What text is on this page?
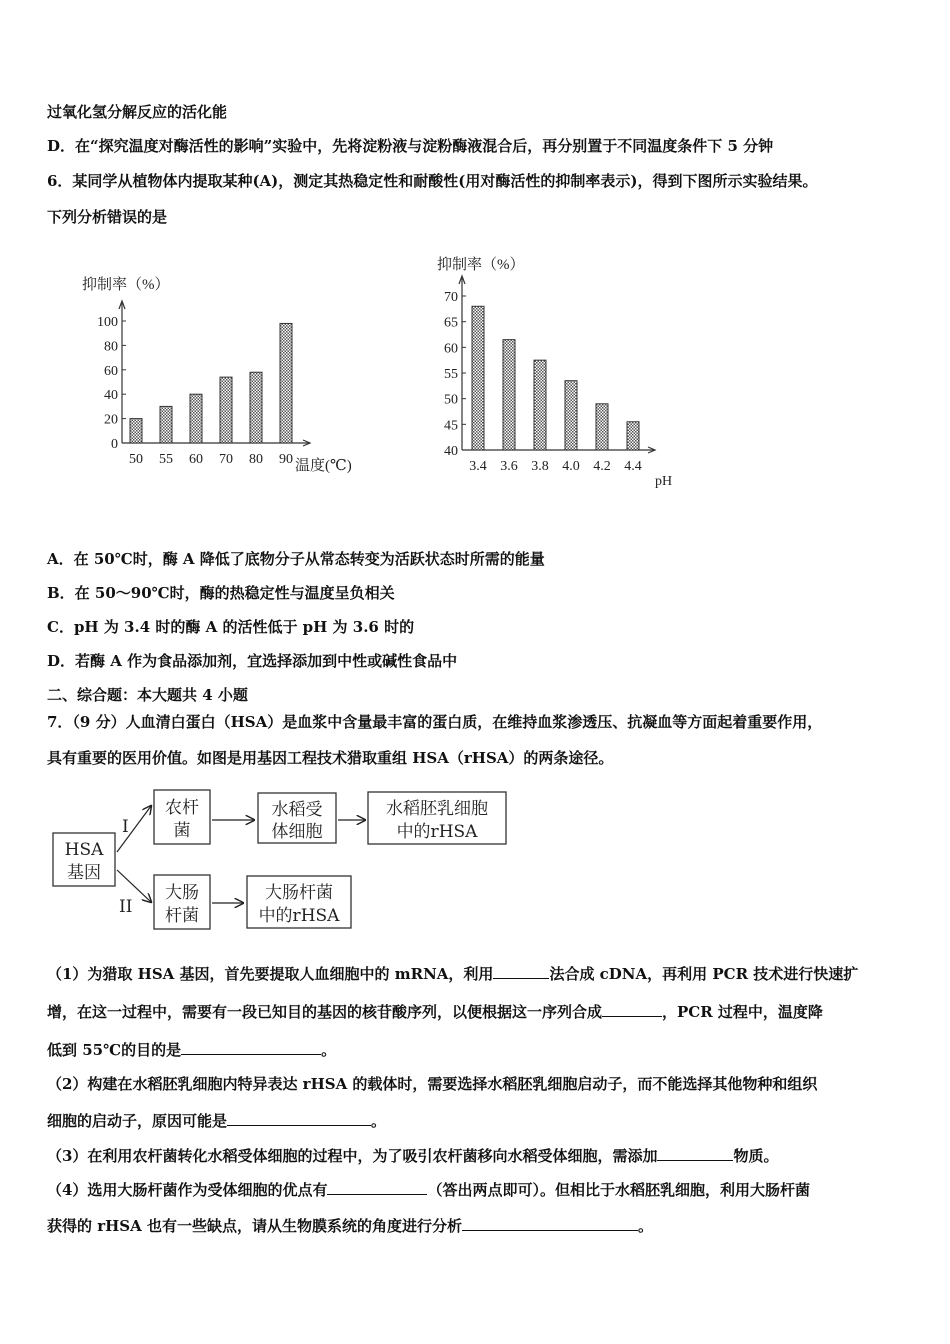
过氧化氢分解反应的活化能
D．在“探究温度对酶活性的影响”实验中，先将淀粉液与淀粉酶液混合后，再分别置于不同温度条件下 5 分钟
6．某同学从植物体内提取某种(A)，测定其热稳定性和耐酸性(用对酶活性的抑制率表示)，得到下图所示实验结果。
下列分析错误的是
抑制率（%）
0
20
40
60
80
100
50 55 60 70 80 90 温度(℃)
抑制率（%）
40
45
50
55
60
65
70
3.4 3.6 3.8 4.0 4.2 4.4
pH
A．在 50℃时，酶 A 降低了底物分子从常态转变为活跃状态时所需的能量
B．在 50～90℃时，酶的热稳定性与温度呈负相关
C．pH 为 3.4 时的酶 A 的活性低于 pH 为 3.6 时的
D．若酶 A 作为食品添加剂，宜选择添加到中性或碱性食品中
二、综合题：本大题共 4 小题
7．（9 分）人血清白蛋白（HSA）是血浆中含量最丰富的蛋白质，在维持血浆渗透压、抗凝血等方面起着重要作用，
具有重要的医用价值。如图是用基因工程技术猎取重组 HSA（rHSA）的两条途径。
HSA
基因
I
II
农杆
菌
水稻受
体细胞
水稻胚乳细胞
中的rHSA
大肠
杆菌
大肠杆菌
中的rHSA
（1）为猎取 HSA 基因，首先要提取人血细胞中的 mRNA，利用	法合成 cDNA，再利用 PCR 技术进行快速扩
增，在这一过程中，需要有一段已知目的基因的核苷酸序列，以便根据这一序列合成	，PCR 过程中，温度降
低到 55℃的目的是	。
（2）构建在水稻胚乳细胞内特异表达 rHSA 的载体时，需要选择水稻胚乳细胞启动子，而不能选择其他物种和组织
细胞的启动子，原因可能是	。
（3）在利用农杆菌转化水稻受体细胞的过程中，为了吸引农杆菌移向水稻受体细胞，需添加	物质。
（4）选用大肠杆菌作为受体细胞的优点有	（答出两点即可）。但相比于水稻胚乳细胞，利用大肠杆菌
获得的 rHSA 也有一些缺点，请从生物膜系统的角度进行分析	。
